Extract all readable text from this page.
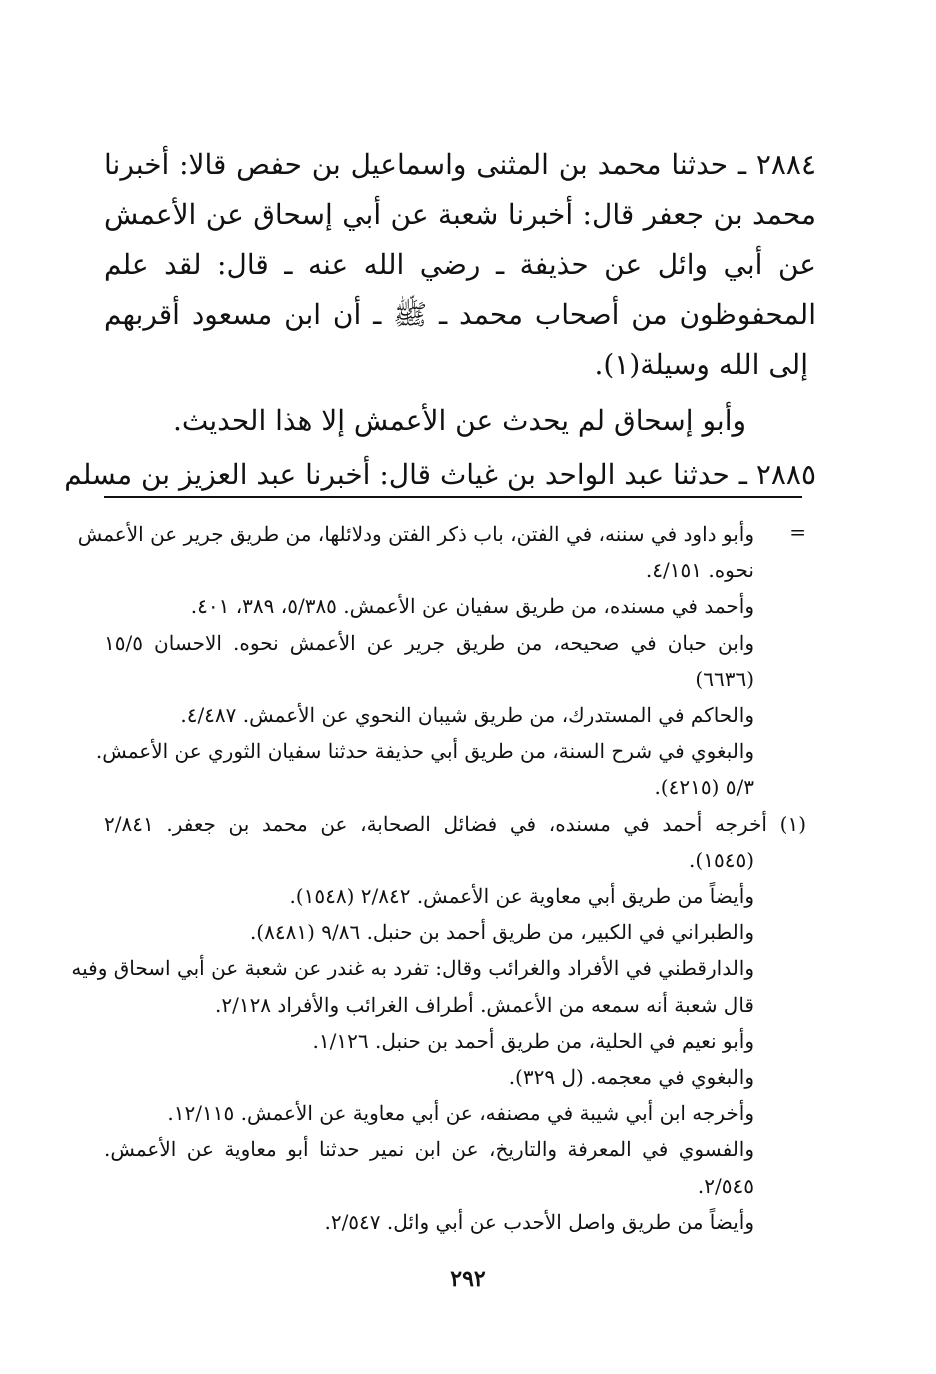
٢٨٨٤ ـ حدثنا محمد بن المثنى واسماعيل بن حفص قالا: أخبرنا
محمد بن جعفر قال: أخبرنا شعبة عن أبي إسحاق عن الأعمش
عن أبي وائل عن حذيفة ـ رضي الله عنه ـ قال: لقد علم
المحفوظون من أصحاب محمد ـ ﷺ ـ أن ابن مسعود أقربهم
إلى الله وسيلة(١).
وأبو إسحاق لم يحدث عن الأعمش إلا هذا الحديث.
٢٨٨٥ ـ حدثنا عبد الواحد بن غياث قال: أخبرنا عبد العزيز بن مسلم
=
وأبو داود في سننه، في الفتن، باب ذكر الفتن ودلائلها، من طريق جرير عن الأعمش
نحوه. ٤/١٥١.
وأحمد في مسنده، من طريق سفيان عن الأعمش. ٥/٣٨٥، ٣٨٩، ٤٠١.
وابن حبان في صحيحه، من طريق جرير عن الأعمش نحوه. الاحسان ١٥/٥
(٦٦٣٦)
والحاكم في المستدرك، من طريق شيبان النحوي عن الأعمش. ٤/٤٨٧.
والبغوي في شرح السنة، من طريق أبي حذيفة حدثنا سفيان الثوري عن الأعمش.
٥/٣ (٤٢١٥).
(١) أخرجه أحمد في مسنده، في فضائل الصحابة، عن محمد بن جعفر. ٢/٨٤١
(١٥٤٥).
وأيضاً من طريق أبي معاوية عن الأعمش. ٢/٨٤٢ (١٥٤٨).
والطبراني في الكبير، من طريق أحمد بن حنبل. ٩/٨٦ (٨٤٨١).
والدارقطني في الأفراد والغرائب وقال: تفرد به غندر عن شعبة عن أبي اسحاق وفيه
قال شعبة أنه سمعه من الأعمش. أطراف الغرائب والأفراد ٢/١٢٨.
وأبو نعيم في الحلية، من طريق أحمد بن حنبل. ١/١٢٦.
والبغوي في معجمه. (ل ٣٢٩).
وأخرجه ابن أبي شيبة في مصنفه، عن أبي معاوية عن الأعمش. ١٢/١١٥.
والفسوي في المعرفة والتاريخ، عن ابن نمير حدثنا أبو معاوية عن الأعمش.
٢/٥٤٥.
وأيضاً من طريق واصل الأحدب عن أبي وائل. ٢/٥٤٧.
٢٩٢
